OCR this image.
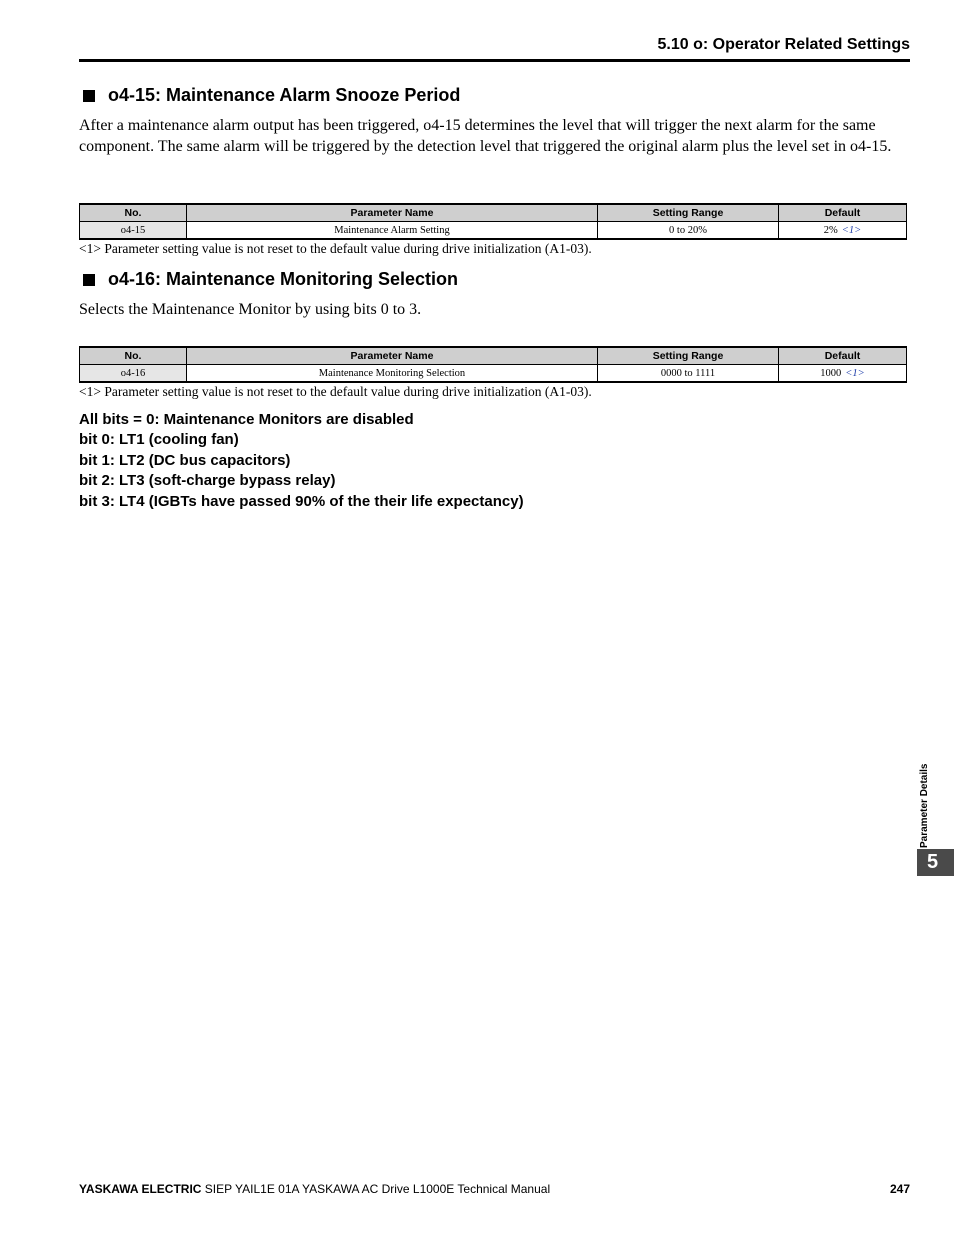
5.10 o: Operator Related Settings
o4-15: Maintenance Alarm Snooze Period
After a maintenance alarm output has been triggered, o4-15 determines the level that will trigger the next alarm for the same component. The same alarm will be triggered by the detection level that triggered the original alarm plus the level set in o4-15.
No.	Parameter Name	Setting Range	Default
o4-15	Maintenance Alarm Setting	0 to 20%	2% <1>
<1> Parameter setting value is not reset to the default value during drive initialization (A1-03).
o4-16: Maintenance Monitoring Selection
Selects the Maintenance Monitor by using bits 0 to 3.
No.	Parameter Name	Setting Range	Default
o4-16	Maintenance Monitoring Selection	0000 to 1111	1000 <1>
<1> Parameter setting value is not reset to the default value during drive initialization (A1-03).
All bits = 0: Maintenance Monitors are disabled
bit 0: LT1 (cooling fan)
bit 1: LT2 (DC bus capacitors)
bit 2: LT3 (soft-charge bypass relay)
bit 3: LT4 (IGBTs have passed 90% of the their life expectancy)
Parameter Details
5
YASKAWA ELECTRIC SIEP YAIL1E 01A YASKAWA AC Drive L1000E Technical Manual	247
